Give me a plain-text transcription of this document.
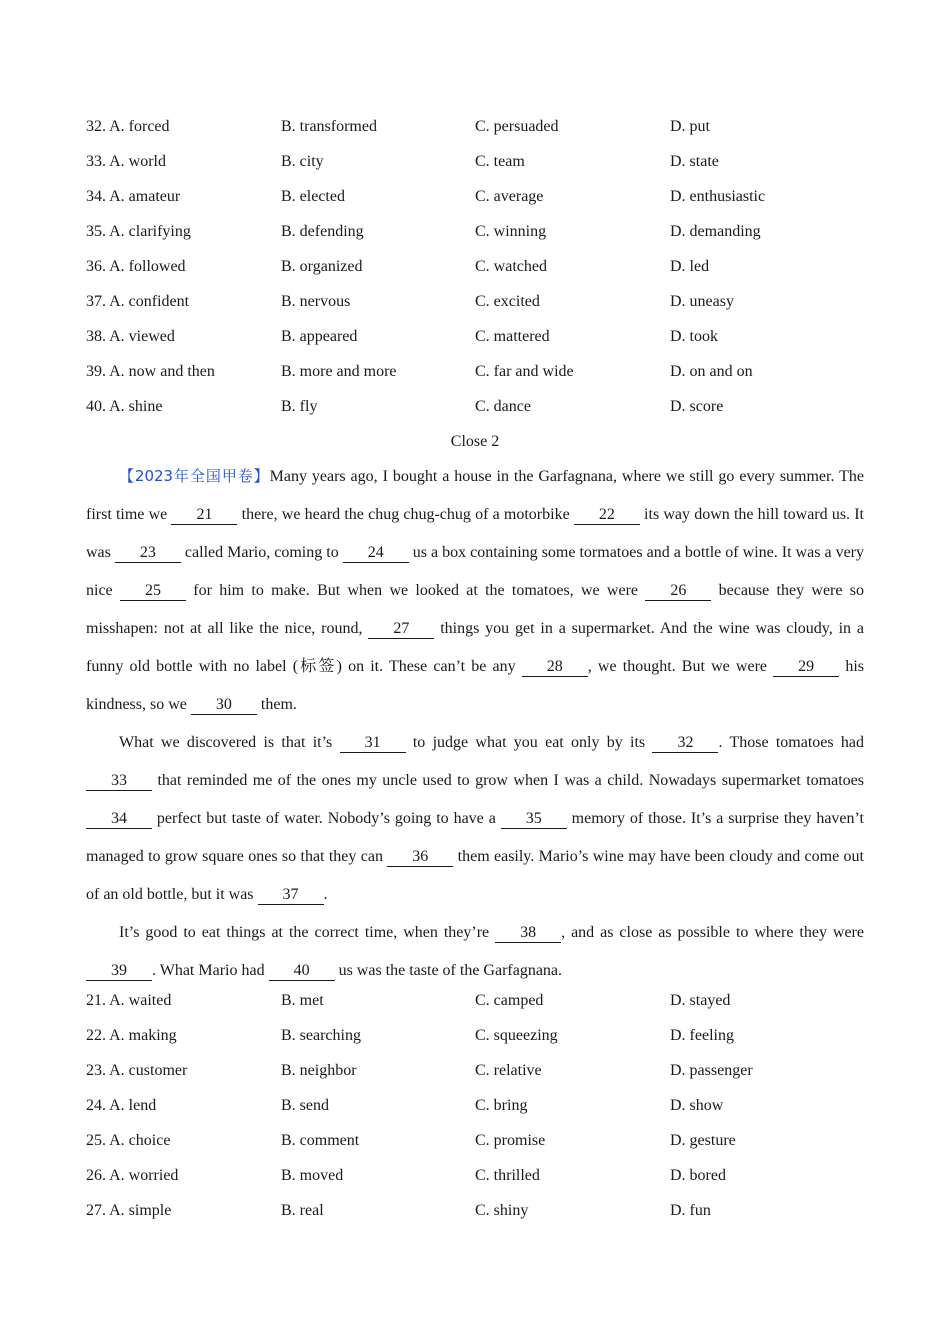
32. A. forced	B. transformed	C. persuaded	D. put
33. A. world	B. city	C. team	D. state
34. A. amateur	B. elected	C. average	D. enthusiastic
35. A. clarifying	B. defending	C. winning	D. demanding
36. A. followed	B. organized	C. watched	D. led
37. A. confident	B. nervous	C. excited	D. uneasy
38. A. viewed	B. appeared	C. mattered	D. took
39. A. now and then	B. more and more	C. far and wide	D. on and on
40. A. shine	B. fly	C. dance	D. score
Close 2

【2023年全国甲卷】Many years ago, I bought a house in the Garfagnana, where we still go every summer. The first time we 21 there, we heard the chug chug-chug of a motorbike 22 its way down the hill toward us. It was 23 called Mario, coming to 24 us a box containing some tormatoes and a bottle of wine. It was a very nice 25 for him to make. But when we looked at the tomatoes, we were 26 because they were so misshapen: not at all like the nice, round, 27 things you get in a supermarket. And the wine was cloudy, in a funny old bottle with no label (标签) on it. These can’t be any 28 , we thought. But we were 29 his kindness, so we 30 them.

What we discovered is that it’s 31 to judge what you eat only by its 32 . Those tomatoes had 33 that reminded me of the ones my uncle used to grow when I was a child. Nowadays supermarket tomatoes 34 perfect but taste of water. Nobody’s going to have a 35 memory of those. It’s a surprise they haven’t managed to grow square ones so that they can 36 them easily. Mario’s wine may have been cloudy and come out of an old bottle, but it was 37 .

It’s good to eat things at the correct time, when they’re 38 , and as close as possible to where they were 39 . What Mario had 40 us was the taste of the Garfagnana.

21. A. waited	B. met	C. camped	D. stayed
22. A. making	B. searching	C. squeezing	D. feeling
23. A. customer	B. neighbor	C. relative	D. passenger
24. A. lend	B. send	C. bring	D. show
25. A. choice	B. comment	C. promise	D. gesture
26. A. worried	B. moved	C. thrilled	D. bored
27. A. simple	B. real	C. shiny	D. fun
